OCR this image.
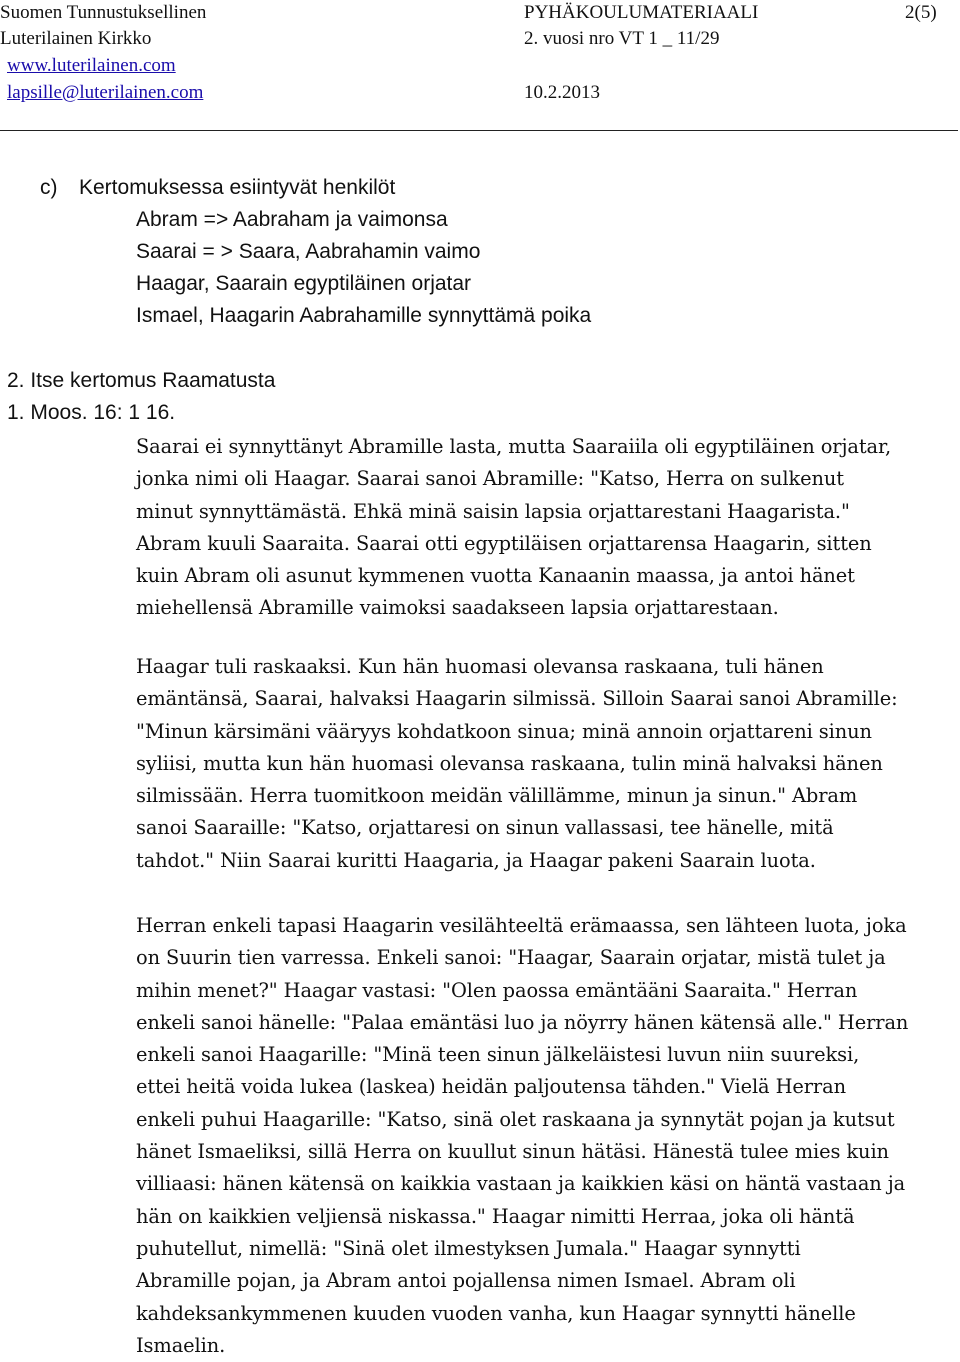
Suomen Tunnustuksellinen
Luterilainen Kirkko
www.luterilainen.com
lapsille@luterilainen.com
PYHÄKOULUMATERIAALI
2. vuosi nro VT 1 _ 11/29
10.2.2013
2(5)
c) Kertomuksessa esiintyvät henkilöt
Abram => Aabraham ja vaimonsa
Saarai = > Saara, Aabrahamin vaimo
Haagar, Saarain egyptiläinen orjatar
Ismael, Haagarin Aabrahamille synnyttämä poika
2. Itse kertomus Raamatusta
1. Moos. 16: 1 16.

Saarai ei synnyttänyt Abramille lasta, mutta Saaraiila oli egyptiläinen orjatar,
jonka nimi oli Haagar. Saarai sanoi Abramille: "Katso, Herra on sulkenut
minut synnyttämästä. Ehkä minä saisin lapsia orjattarestani Haagarista."
Abram kuuli Saaraita. Saarai otti egyptiläisen orjattarensa Haagarin, sitten
kuin Abram oli asunut kymmenen vuotta Kanaanin maassa, ja antoi hänet
miehellensä Abramille vaimoksi saadakseen lapsia orjattarestaan.

Haagar tuli raskaaksi. Kun hän huomasi olevansa raskaana, tuli hänen
emäntänsä, Saarai, halvaksi Haagarin silmissä. Silloin Saarai sanoi Abramille:
"Minun kärsimäni vääryys kohdatkoon sinua; minä annoin orjattareni sinun
syliisi, mutta kun hän huomasi olevansa raskaana, tulin minä halvaksi hänen
silmissään. Herra tuomitkoon meidän välillämme, minun ja sinun." Abram
sanoi Saaraille: "Katso, orjattaresi on sinun vallassasi, tee hänelle, mitä
tahdot." Niin Saarai kuritti Haagaria, ja Haagar pakeni Saarain luota.

Herran enkeli tapasi Haagarin vesilähteeltä erämaassa, sen lähteen luota, joka
on Suurin tien varressa. Enkeli sanoi: "Haagar, Saarain orjatar, mistä tulet ja
mihin menet?" Haagar vastasi: "Olen paossa emäntääni Saaraita." Herran
enkeli sanoi hänelle: "Palaa emäntäsi luo ja nöyrry hänen kätensä alle." Herran
enkeli sanoi Haagarille: "Minä teen sinun jälkeläistesi luvun niin suureksi,
ettei heitä voida lukea (laskea) heidän paljoutensa tähden." Vielä Herran
enkeli puhui Haagarille: "Katso, sinä olet raskaana ja synnytät pojan ja kutsut
hänet Ismaeliksi, sillä Herra on kuullut sinun hätäsi. Hänestä tulee mies kuin
villiaasi: hänen kätensä on kaikkia vastaan ja kaikkien käsi on häntä vastaan ja
hän on kaikkien veljiensä niskassa." Haagar nimitti Herraa, joka oli häntä
puhutellut, nimellä: "Sinä olet ilmestyksen Jumala." Haagar synnytti
Abramille pojan, ja Abram antoi pojallensa nimen Ismael. Abram oli
kahdeksankymmenen kuuden vuoden vanha, kun Haagar synnytti hänelle
Ismaelin.
